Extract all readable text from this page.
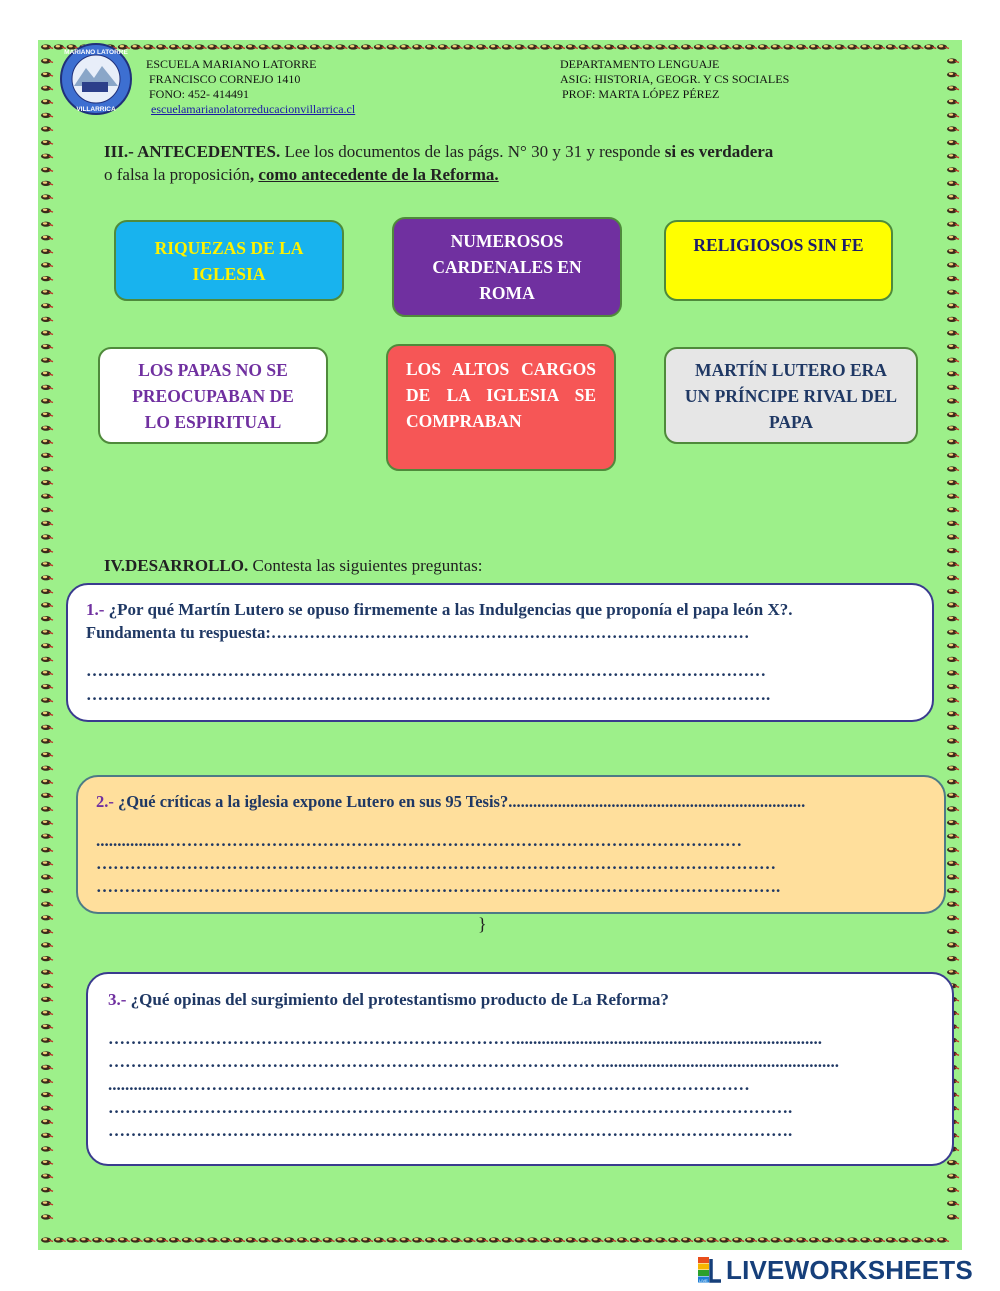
MARIANO LATORRE
VILLARRICA
ESCUELA MARIANO LATORRE
FRANCISCO CORNEJO 1410
FONO: 452- 414491
escuelamarianolatorreducacionvillarrica.cl
DEPARTAMENTO LENGUAJE
ASIG: HISTORIA, GEOGR. Y CS SOCIALES
PROF: MARTA LÓPEZ PÉREZ
III.- ANTECEDENTES. Lee los documentos de las págs. N° 30 y 31 y responde si es verdadera
o falsa la proposición, como antecedente de la Reforma.
RIQUEZAS DE LA IGLESIA
NUMEROSOS CARDENALES EN ROMA
RELIGIOSOS SIN FE
LOS PAPAS NO SE PREOCUPABAN DE LO ESPIRITUAL
LOS ALTOS CARGOS DE LA IGLESIA SE COMPRABAN
MARTÍN LUTERO ERA UN PRÍNCIPE RIVAL DEL PAPA
IV.DESARROLLO. Contesta las siguientes preguntas:
1.- ¿Por qué Martín Lutero se opuso firmemente a las Indulgencias que proponía el papa león X?.
Fundamenta tu respuesta:……………………………………………………………………………
…………………………………………………………………………………………………………
………………………………………………………………………………………………………….
2.- ¿Qué críticas a la iglesia expone Lutero en sus 95 Tesis?........................................................................
................…………………………………………………………………………………………
…………………………………………………………………………………………………………
………………………………………………………………………………………………………….
}
3.- ¿Qué opinas del surgimiento del protestantismo producto de La Reforma?
………………………………………………………………........................................................................
……………………………………………………………………………........................................................
...............…………………………………………………………………………………………
………………………………………………………………………………………………………….
………………………………………………………………………………………………………….
LIVE LIVEWORKSHEETS
